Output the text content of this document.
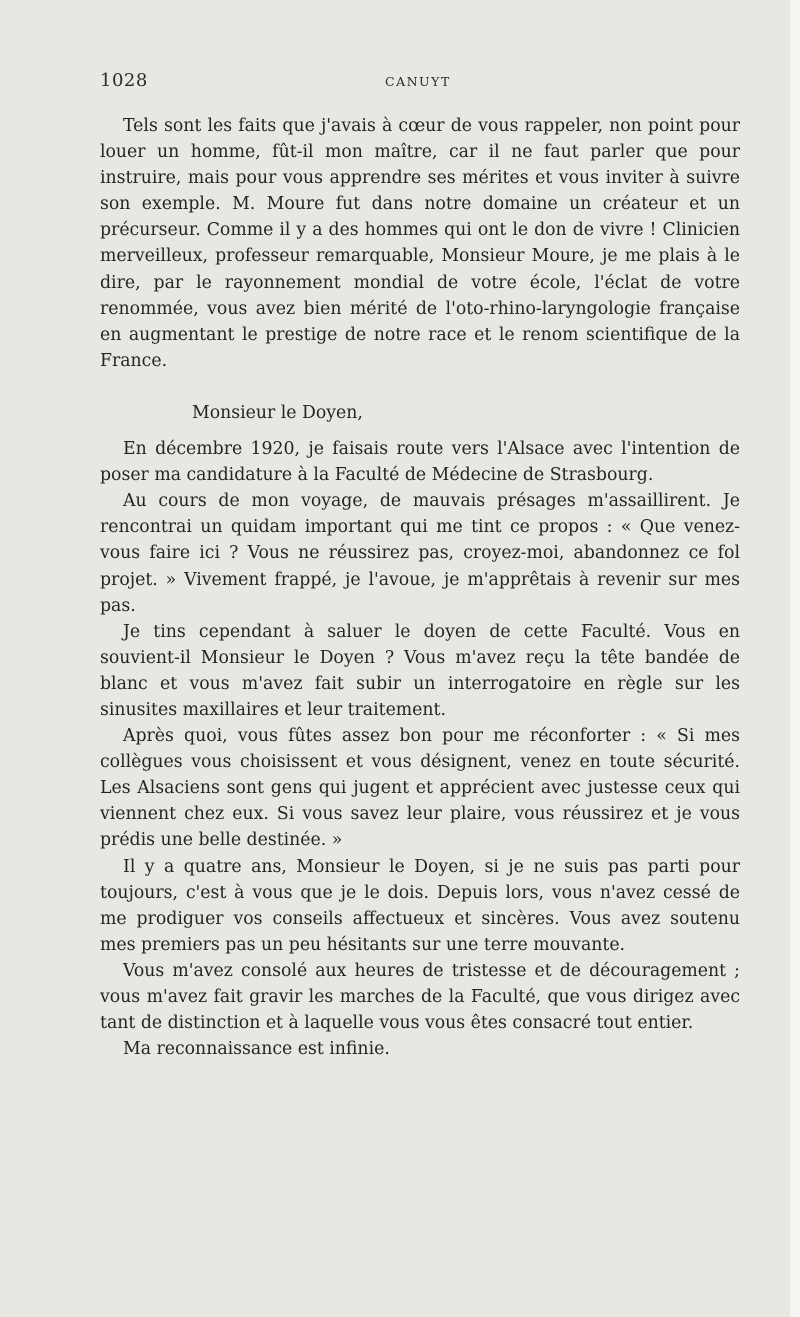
1028	CANUYT

Tels sont les faits que j'avais à cœur de vous rappeler, non point pour louer un homme, fût-il mon maître, car il ne faut parler que pour instruire, mais pour vous apprendre ses mérites et vous inviter à suivre son exemple. M. Moure fut dans notre domaine un créateur et un précurseur. Comme il y a des hommes qui ont le don de vivre ! Clinicien merveilleux, professeur remarquable, Monsieur Moure, je me plais à le dire, par le rayonnement mondial de votre école, l'éclat de votre renommée, vous avez bien mérité de l'oto-rhino-laryngologie française en augmentant le prestige de notre race et le renom scientifique de la France.

Monsieur le Doyen,

En décembre 1920, je faisais route vers l'Alsace avec l'intention de poser ma candidature à la Faculté de Médecine de Strasbourg.

Au cours de mon voyage, de mauvais présages m'assaillirent. Je rencontrai un quidam important qui me tint ce propos : « Que venez-vous faire ici ? Vous ne réussirez pas, croyez-moi, abandonnez ce fol projet. » Vivement frappé, je l'avoue, je m'apprêtais à revenir sur mes pas.

Je tins cependant à saluer le doyen de cette Faculté. Vous en souvient-il Monsieur le Doyen ? Vous m'avez reçu la tête bandée de blanc et vous m'avez fait subir un interrogatoire en règle sur les sinusites maxillaires et leur traitement.

Après quoi, vous fûtes assez bon pour me réconforter : « Si mes collègues vous choisissent et vous désignent, venez en toute sécurité. Les Alsaciens sont gens qui jugent et apprécient avec justesse ceux qui viennent chez eux. Si vous savez leur plaire, vous réussirez et je vous prédis une belle destinée. »

Il y a quatre ans, Monsieur le Doyen, si je ne suis pas parti pour toujours, c'est à vous que je le dois. Depuis lors, vous n'avez cessé de me prodiguer vos conseils affectueux et sincères. Vous avez soutenu mes premiers pas un peu hésitants sur une terre mouvante.

Vous m'avez consolé aux heures de tristesse et de découragement ; vous m'avez fait gravir les marches de la Faculté, que vous dirigez avec tant de distinction et à laquelle vous vous êtes consacré tout entier.

Ma reconnaissance est infinie.
